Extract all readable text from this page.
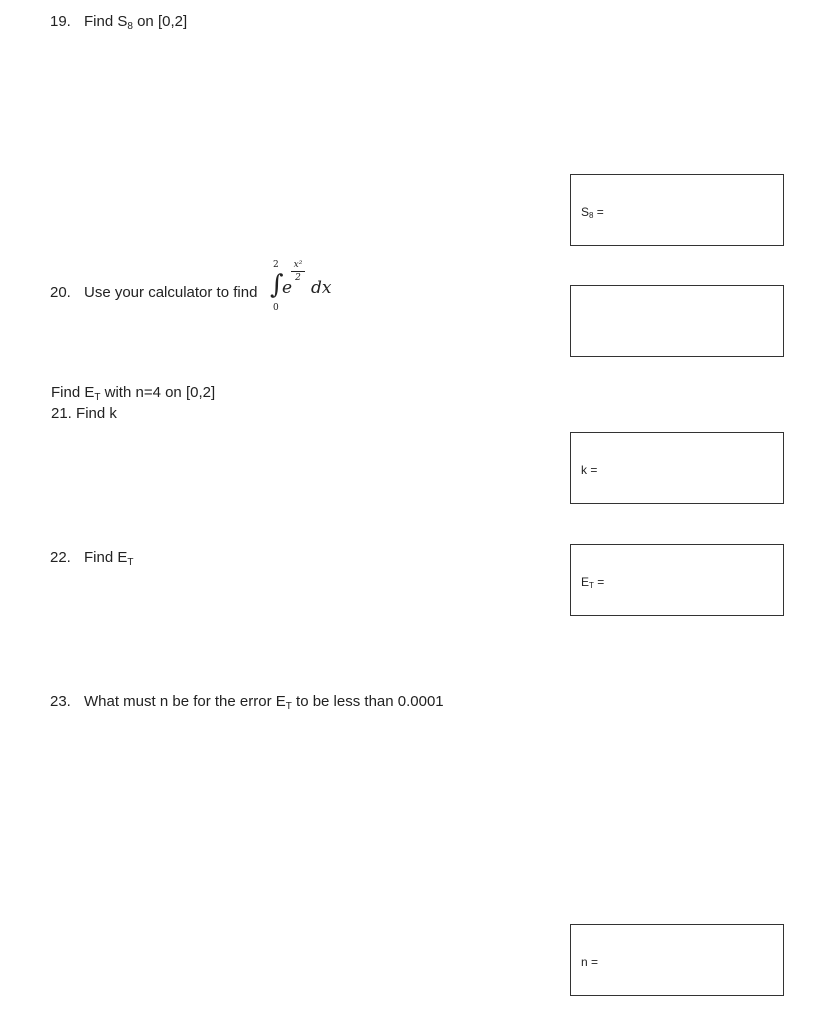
19. Find $S_8$ on [0,2]
S8 =
20. Use your calculator to find
2
∫
0
e
x²
2 dx
Find $E_T$ with n=4 on [0,2]
21. Find k
k =
22. Find $E_T$
ET =
23. What must n be for the error $E_T$ to be less than 0.0001
n =
